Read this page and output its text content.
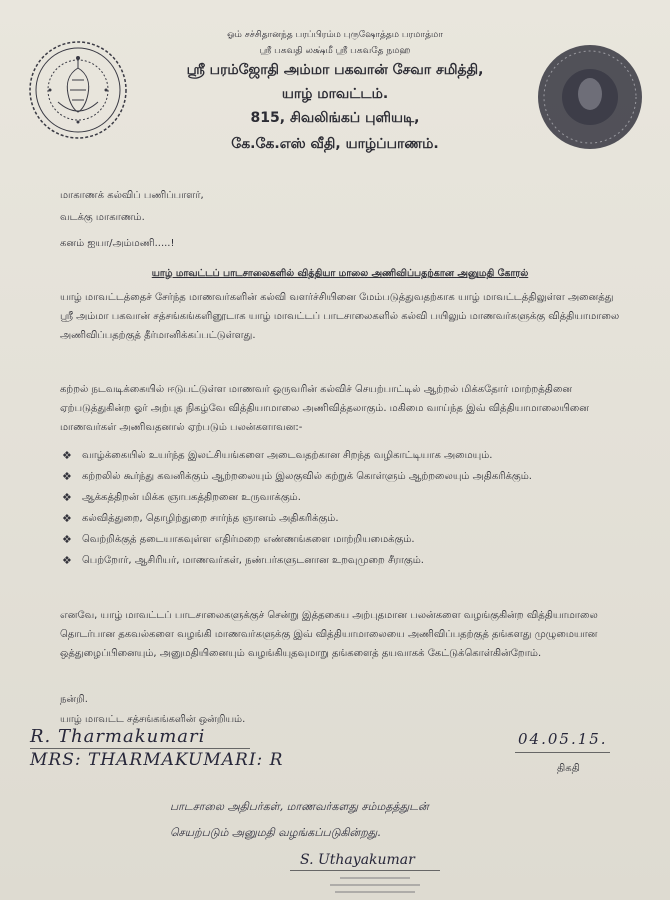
ஓம் சச்சிதானந்த பரப்பிரம்ம புருஷோத்தம பரமாத்மா
ஸ்ரீ பகவதி லக்ஷ்மீ ஸ்ரீ பகவதே நமஹ
ஸ்ரீ பரம்ஜோதி அம்மா பகவான் சேவா சமித்தி,
யாழ் மாவட்டம்.
815, சிவலிங்கப் புளியடி,
கே.கே.எஸ் வீதி, யாழ்ப்பாணம்.
மாகாணக் கல்விப் பணிப்பாளர்,
வடக்கு மாகாணம்.
கனம் ஐயா/அம்மணி.....!
யாழ் மாவட்டப் பாடசாலைகளில் வித்தியா மாலை அணிவிப்பதற்கான அனுமதி கோரல்
யாழ் மாவட்டத்தைச் சேர்ந்த மாணவர்களின் கல்வி வளர்ச்சியினை மேம்படுத்துவதற்காக யாழ் மாவட்டத்திலுள்ள அனைத்து ஸ்ரீ அம்மா பகவான் சத்சங்கங்களினூடாக யாழ் மாவட்டப் பாடசாலைகளில் கல்வி பயிலும் மாணவர்களுக்கு வித்தியாமாலை அணிவிப்பதற்குத் தீர்மானிக்கப்பட்டுள்ளது.
கற்றல் நடவடிக்கையில் ஈடுபட்டுள்ள மாணவர் ஒருவரின் கல்விச் செயற்பாட்டில் ஆற்றல் மிக்கதோர் மாற்றத்தினை ஏற்படுத்துகின்ற ஓர் அற்புத நிகழ்வே வித்தியாமாலை அணிவித்தலாகும். மகிமை வாய்ந்த இவ் வித்தியாமாலையினை மாணவர்கள் அணிவதனால் ஏற்படும் பலன்களாவன:-
❖ வாழ்க்கையில் உயர்ந்த இலட்சியங்களை அடைவதற்கான சிறந்த வழிகாட்டியாக அமையும்.
❖ கற்றலில் கூர்ந்து கவனிக்கும் ஆற்றலையும் இலகுவில் கற்றுக் கொள்ளும் ஆற்றலையும் அதிகரிக்கும்.
❖ ஆக்கத்திறன் மிக்க ஞாபகத்திறனை உருவாக்கும்.
❖ கல்வித்துறை, தொழிற்துறை சார்ந்த ஞானம் அதிகரிக்கும்.
❖ வெற்றிக்குத் தடையாகவுள்ள எதிர்மறை எண்ணங்களை மாற்றியமைக்கும்.
❖ பெற்றோர், ஆசிரியர், மாணவர்கள், நண்பர்களுடனான உறவுமுறை சீராகும்.
எனவே, யாழ் மாவட்டப் பாடசாலைகளுக்குச் சென்று இத்தகைய அற்புதமான பலன்களை வழங்குகின்ற வித்தியாமாலை தொடர்பான தகவல்களை வழங்கி மாணவர்களுக்கு இவ் வித்தியாமாலையை அணிவிப்பதற்குத் தங்களது முழுமையான ஒத்துழைப்பினையும், அனுமதியினையும் வழங்கியுதவுமாறு தங்களைத் தயவாகக் கேட்டுக்கொள்கின்றோம்.
நன்றி.
யாழ் மாவட்ட சத்சங்கங்களின் ஒன்றியம்.
R. Tharmakumari
MRS: THARMAKUMARI: R
04.05.15.
திகதி
பாடசாலை அதிபர்கள், மாணவர்களது சம்மதத்துடன்
செயற்படும் அனுமதி வழங்கப்படுகின்றது.
S. Uthayakumar
